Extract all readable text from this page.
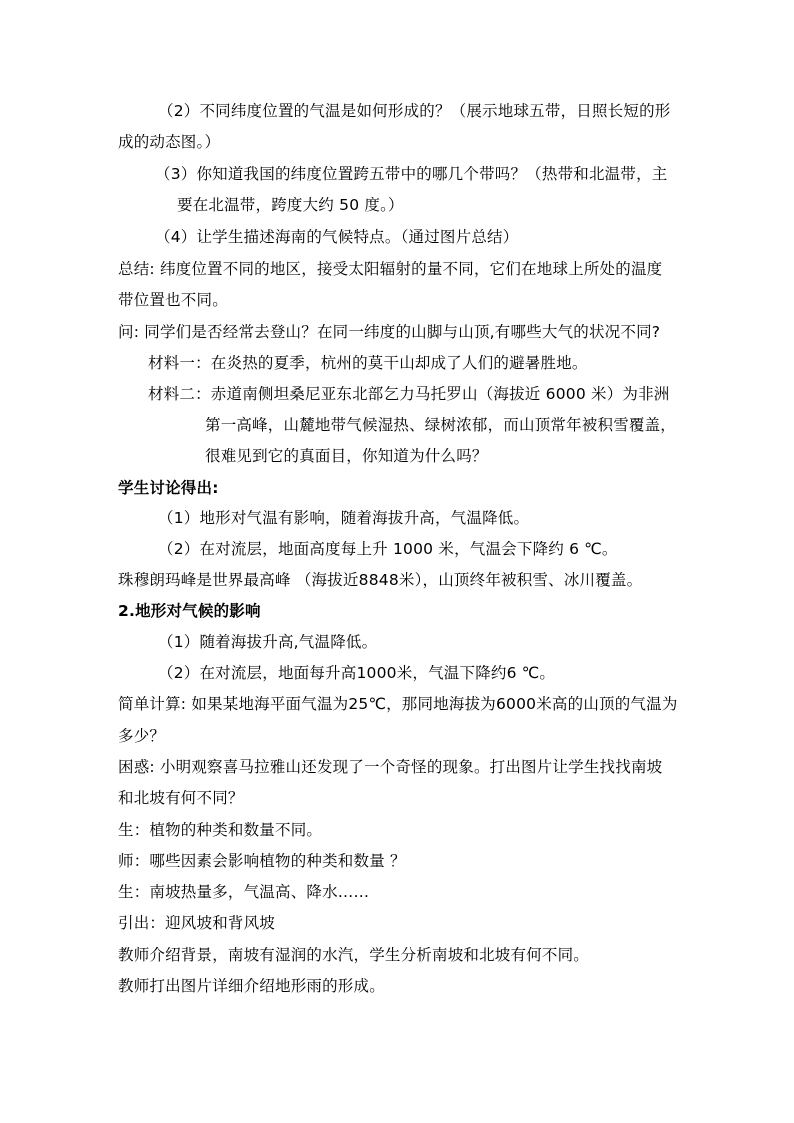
（2）不同纬度位置的气温是如何形成的？（展示地球五带，日照长短的形
成的动态图。）
（3）你知道我国的纬度位置跨五带中的哪几个带吗？（热带和北温带，主
要在北温带，跨度大约 50 度。）
（4）让学生描述海南的气候特点。（通过图片总结）
总结: 纬度位置不同的地区，接受太阳辐射的量不同，它们在地球上所处的温度
带位置也不同。
问: 同学们是否经常去登山？在同一纬度的山脚与山顶,有哪些大气的状况不同?
材料一：在炎热的夏季，杭州的莫干山却成了人们的避暑胜地。
材料二：赤道南侧坦桑尼亚东北部乞力马托罗山（海拔近 6000 米）为非洲
第一高峰，山麓地带气候湿热、绿树浓郁，而山顶常年被积雪覆盖，
很难见到它的真面目，你知道为什么吗？
学生讨论得出:
（1）地形对气温有影响，随着海拔升高，气温降低。
（2）在对流层，地面高度每上升 1000 米，气温会下降约 6 ℃。
珠穆朗玛峰是世界最高峰 （海拔近8848米），山顶终年被积雪、冰川覆盖。
2.地形对气候的影响
（1）随着海拔升高,气温降低。
（2）在对流层，地面每升高1000米，气温下降约6 ℃。
简单计算: 如果某地海平面气温为25℃，那同地海拔为6000米高的山顶的气温为
多少？
困惑: 小明观察喜马拉雅山还发现了一个奇怪的现象。打出图片让学生找找南坡
和北坡有何不同？
生：植物的种类和数量不同。
师：哪些因素会影响植物的种类和数量 ？
生：南坡热量多，气温高、降水……
引出：迎风坡和背风坡
教师介绍背景，南坡有湿润的水汽，学生分析南坡和北坡有何不同。
教师打出图片详细介绍地形雨的形成。
